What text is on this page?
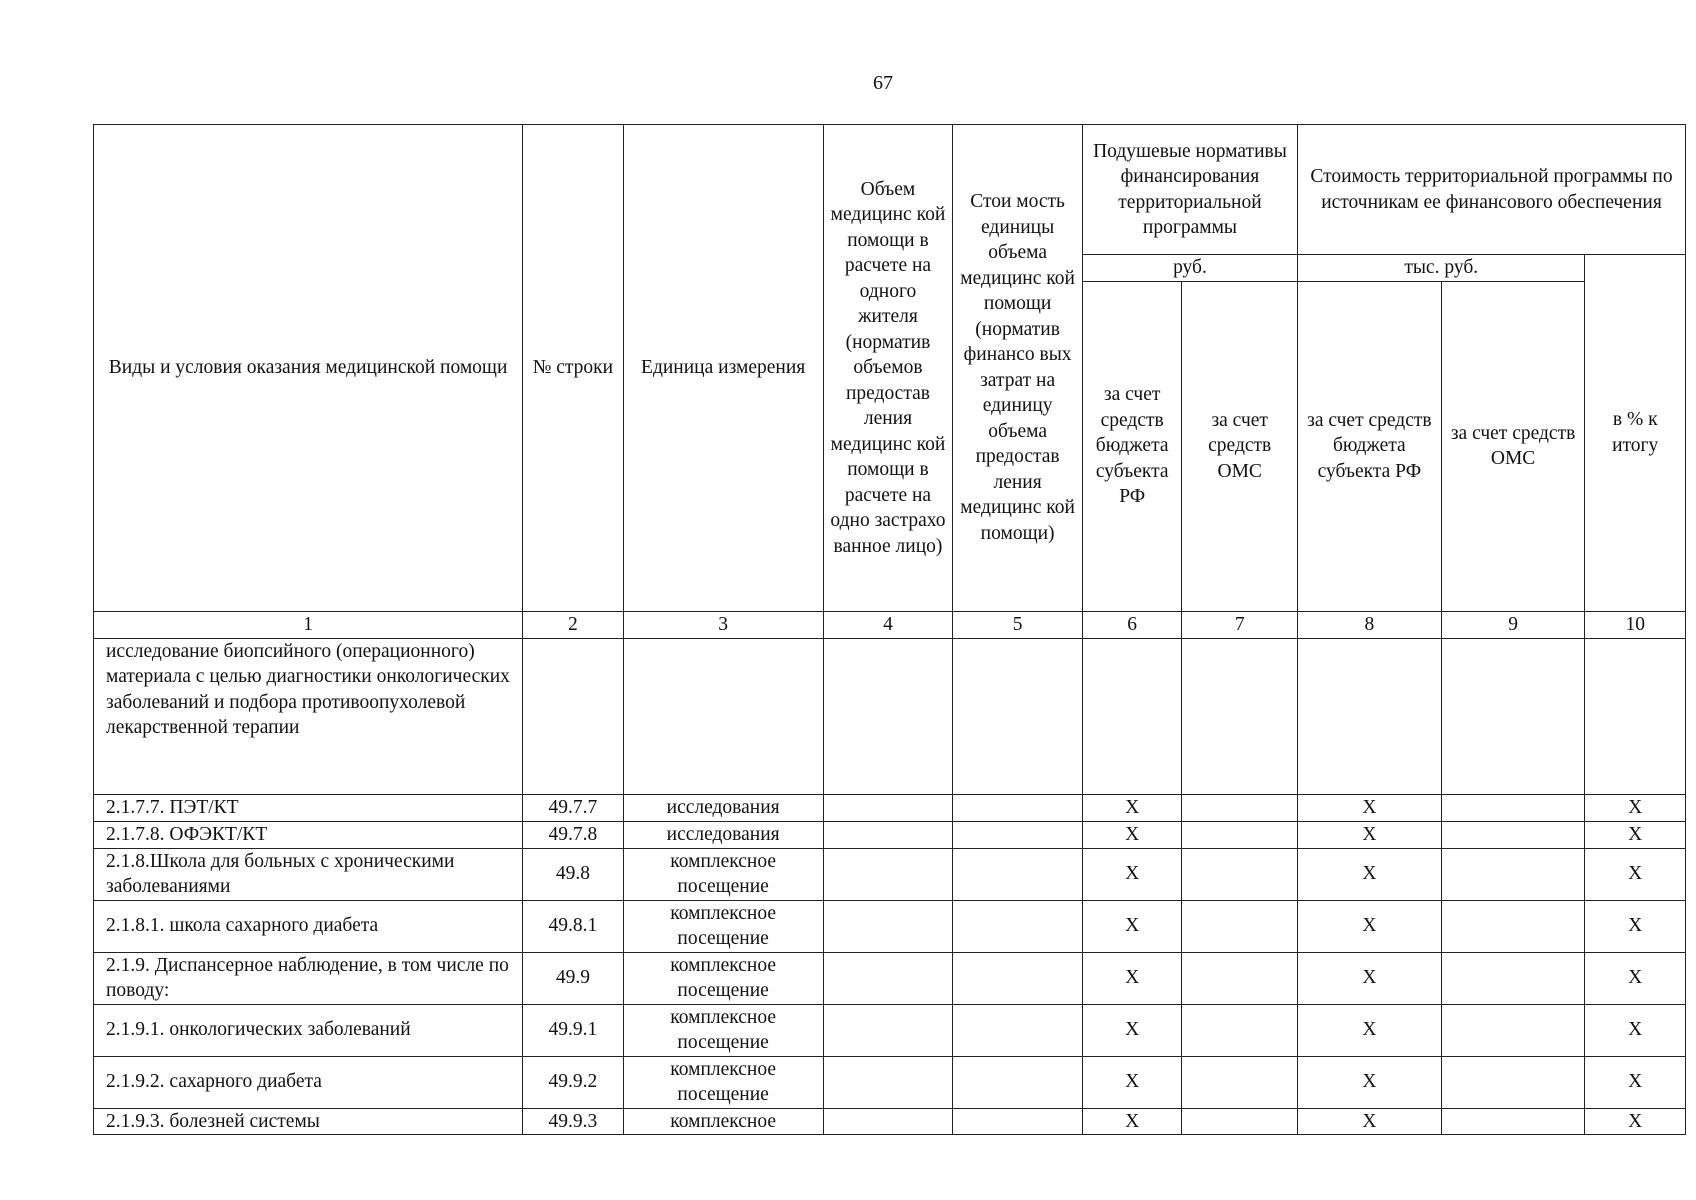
67
Виды и условия оказания медицинской помощи	№ строки	Единица измерения	Объем медицинс кой помощи в расчете на одного жителя (норматив объемов предостав ления медицинс кой помощи в расчете на одно застрахо ванное лицо)	Стои мость единицы объема медицинс кой помощи (норматив финансо вых затрат на единицу объема предостав ления медицинс кой помощи)	Подушевые нормативы финансирования территориальной программы		Стоимость территориальной программы по источникам ее финансового обеспечения		
					руб.		тыс. руб.		в % к итогу
					за счет средств бюджета субъекта РФ	за счет средств ОМС	за счет средств бюджета субъекта РФ	за счет средств ОМС	
1	2	3	4	5	6	7	8	9	10
исследование биопсийного (операционного) материала с целью диагностики онкологических заболеваний и подбора противоопухолевой лекарственной терапии									
2.1.7.7. ПЭТ/КТ	49.7.7	исследования			X		X		X
2.1.7.8. ОФЭКТ/КТ	49.7.8	исследования			X		X		X
2.1.8.Школа для больных с хроническими заболеваниями	49.8	комплексное посещение			X		X		X
2.1.8.1. школа сахарного диабета	49.8.1	комплексное посещение			X		X		X
2.1.9. Диспансерное наблюдение, в том числе по поводу:	49.9	комплексное посещение			X		X		X
2.1.9.1. онкологических заболеваний	49.9.1	комплексное посещение			X		X		X
2.1.9.2. сахарного диабета	49.9.2	комплексное посещение			X		X		X
2.1.9.3. болезней системы	49.9.3	комплексное			X		X		X
